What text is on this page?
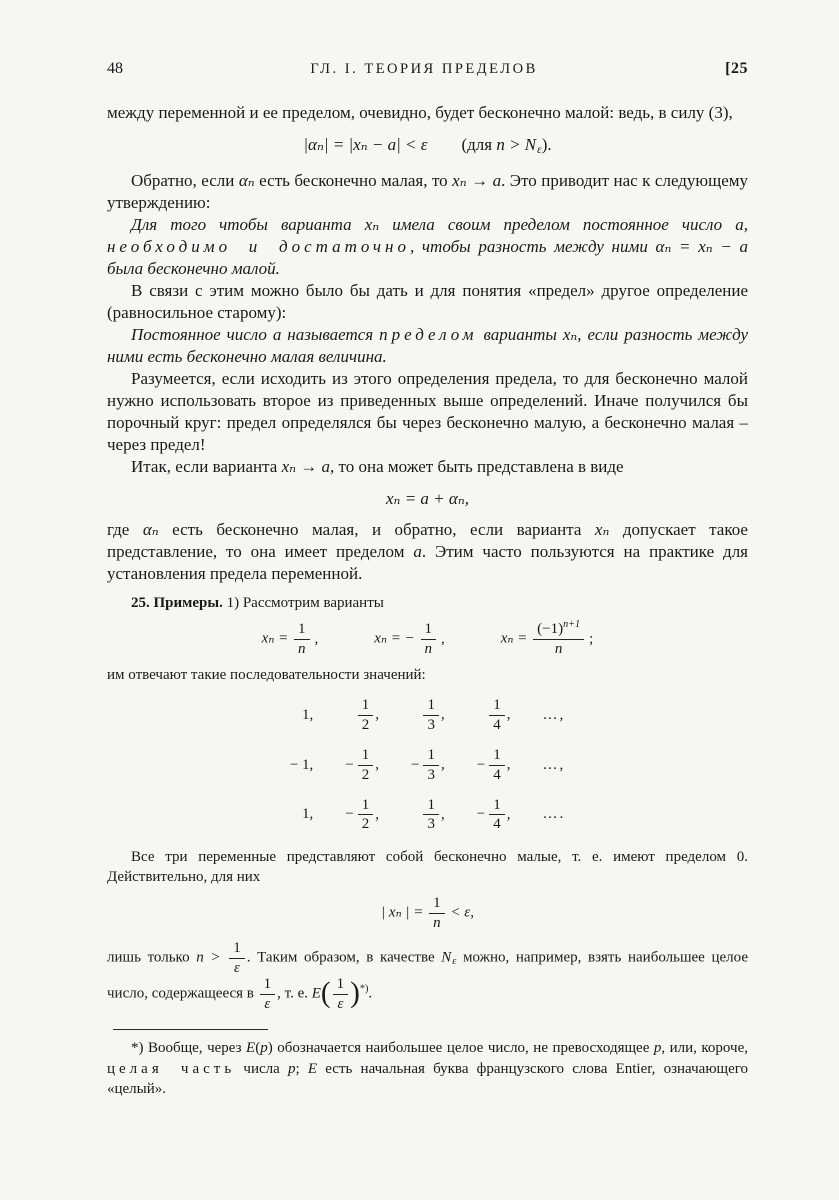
48	ГЛ. I. ТЕОРИЯ ПРЕДЕЛОВ	[25

между переменной и ее пределом, очевидно, будет бесконечно малой: ведь, в силу (3),

|αₙ| = |xₙ − a| < ε (для $n > N_\varepsilon$).

Обратно, если αₙ есть бесконечно малая, то xₙ → a. Это приводит нас к следующему утверждению:

Для того чтобы варианта xₙ имела своим пределом постоянное число a, необходимо и достаточно, чтобы разность между ними αₙ = xₙ − a была бесконечно малой.

В связи с этим можно было бы дать и для понятия «предел» другое определение (равносильное старому):

Постоянное число a называется пределом варианты xₙ, если разность между ними есть бесконечно малая величина.

Разумеется, если исходить из этого определения предела, то для бесконечно малой нужно использовать второе из приведенных выше определений. Иначе получился бы порочный круг: предел определялся бы через бесконечно малую, а бесконечно малая – через предел!

Итак, если варианта xₙ → a, то она может быть представлена в виде

xₙ = a + αₙ,

где αₙ есть бесконечно малая, и обратно, если варианта xₙ допускает такое представление, то она имеет пределом a. Этим часто пользуются на практике для установления предела переменной.

25. Примеры. 1) Рассмотрим варианты

$x_n = \frac{1}{n}$ ,	xₙ = − $\frac{1}{n}$ ,	$x_n = \frac{(-1)^{n+1}}{n}$ ;

им отвечают такие последовательности значений:

1,	$\frac{1}{2}$ ,	$\frac{1}{3}$ ,	$\frac{1}{4}$ , …,
− 1, − $\frac{1}{2}$ , − $\frac{1}{3}$ , − $\frac{1}{4}$ , …,
1, − $\frac{1}{2}$ ,	$\frac{1}{3}$ , − $\frac{1}{4}$ , ….

Все три переменные представляют собой бесконечно малые, т. е. имеют пределом 0. Действительно, для них

| xₙ | = $\frac{1}{n} < \varepsilon$,

лишь только $n > \frac{1}{\varepsilon}$ . Таким образом, в качестве $N_\varepsilon$ можно, например, взять наибольшее целое число, содержащееся в $\frac{1}{\varepsilon}$ , т. е. $E( \frac{1}{\varepsilon} )^{*)}$.

*) Вообще, через E(p) обозначается наибольшее целое число, не превосходящее p, или, короче, целая часть числа p; E есть начальная буква французского слова Entier, означающего «целый».
